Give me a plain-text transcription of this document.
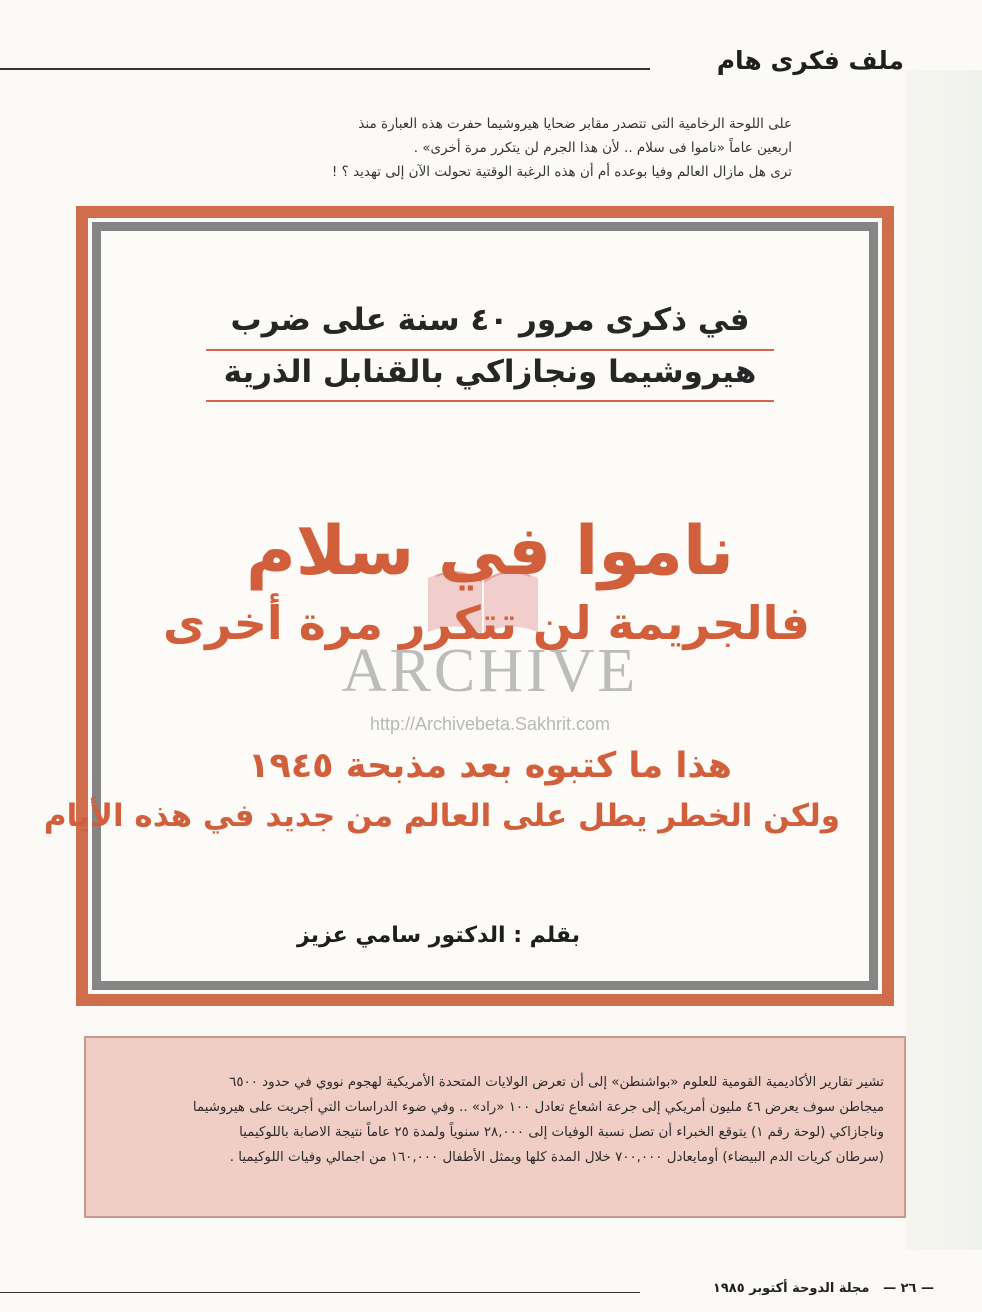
ملف فكرى هام
على اللوحة الرخامية التى تتصدر مقابر ضحايا هيروشيما حفرت هذه العبارة منذ
اربعين عاماً «ناموا فى سلام .. لأن هذا الجرم لن يتكرر مرة أخرى» .
ترى هل مازال العالم وفيا بوعده أم أن هذه الرغبة الوقتية تحولت الآن إلى تهديد ؟ !
في ذكرى مرور ٤٠ سنة على ضرب
هيروشيما ونجازاكي بالقنابل الذرية
ناموا في سلام
فالجريمة لن تتكرر مرة أخرى
ARCHIVE
http://Archivebeta.Sakhrit.com
هذا ما كتبوه بعد مذبحة ١٩٤٥
ولكن الخطر يطل على العالم من جديد في هذه الأيام
بقلم : الدكتور سامي عزيز
تشير تقارير الأكاديمية القومية للعلوم «بواشنطن» إلى أن تعرض الولايات المتحدة الأمريكية لهجوم نووي في حدود ٦٥٠٠
ميجاطن سوف يعرض ٤٦ مليون أمريكي إلى جرعة اشعاع تعادل ١٠٠ «راد» .. وفي ضوء الدراسات التي أجريت على هيروشيما
وناجازاكي (لوحة رقم ١) يتوقع الخبراء أن تصل نسبة الوفيات إلى ٢٨,٠٠٠ سنوياً ولمدة ٢٥ عاماً نتيجة الاصابة باللوكيميا
(سرطان كريات الدم البيضاء) أومايعادل ٧٠٠,٠٠٠ خلال المدة كلها ويمثل الأطفال ١٦٠,٠٠٠ من اجمالي وفيات اللوكيميا .
— ٢٦ —   مجلة الدوحة أكتوبر ١٩٨٥
